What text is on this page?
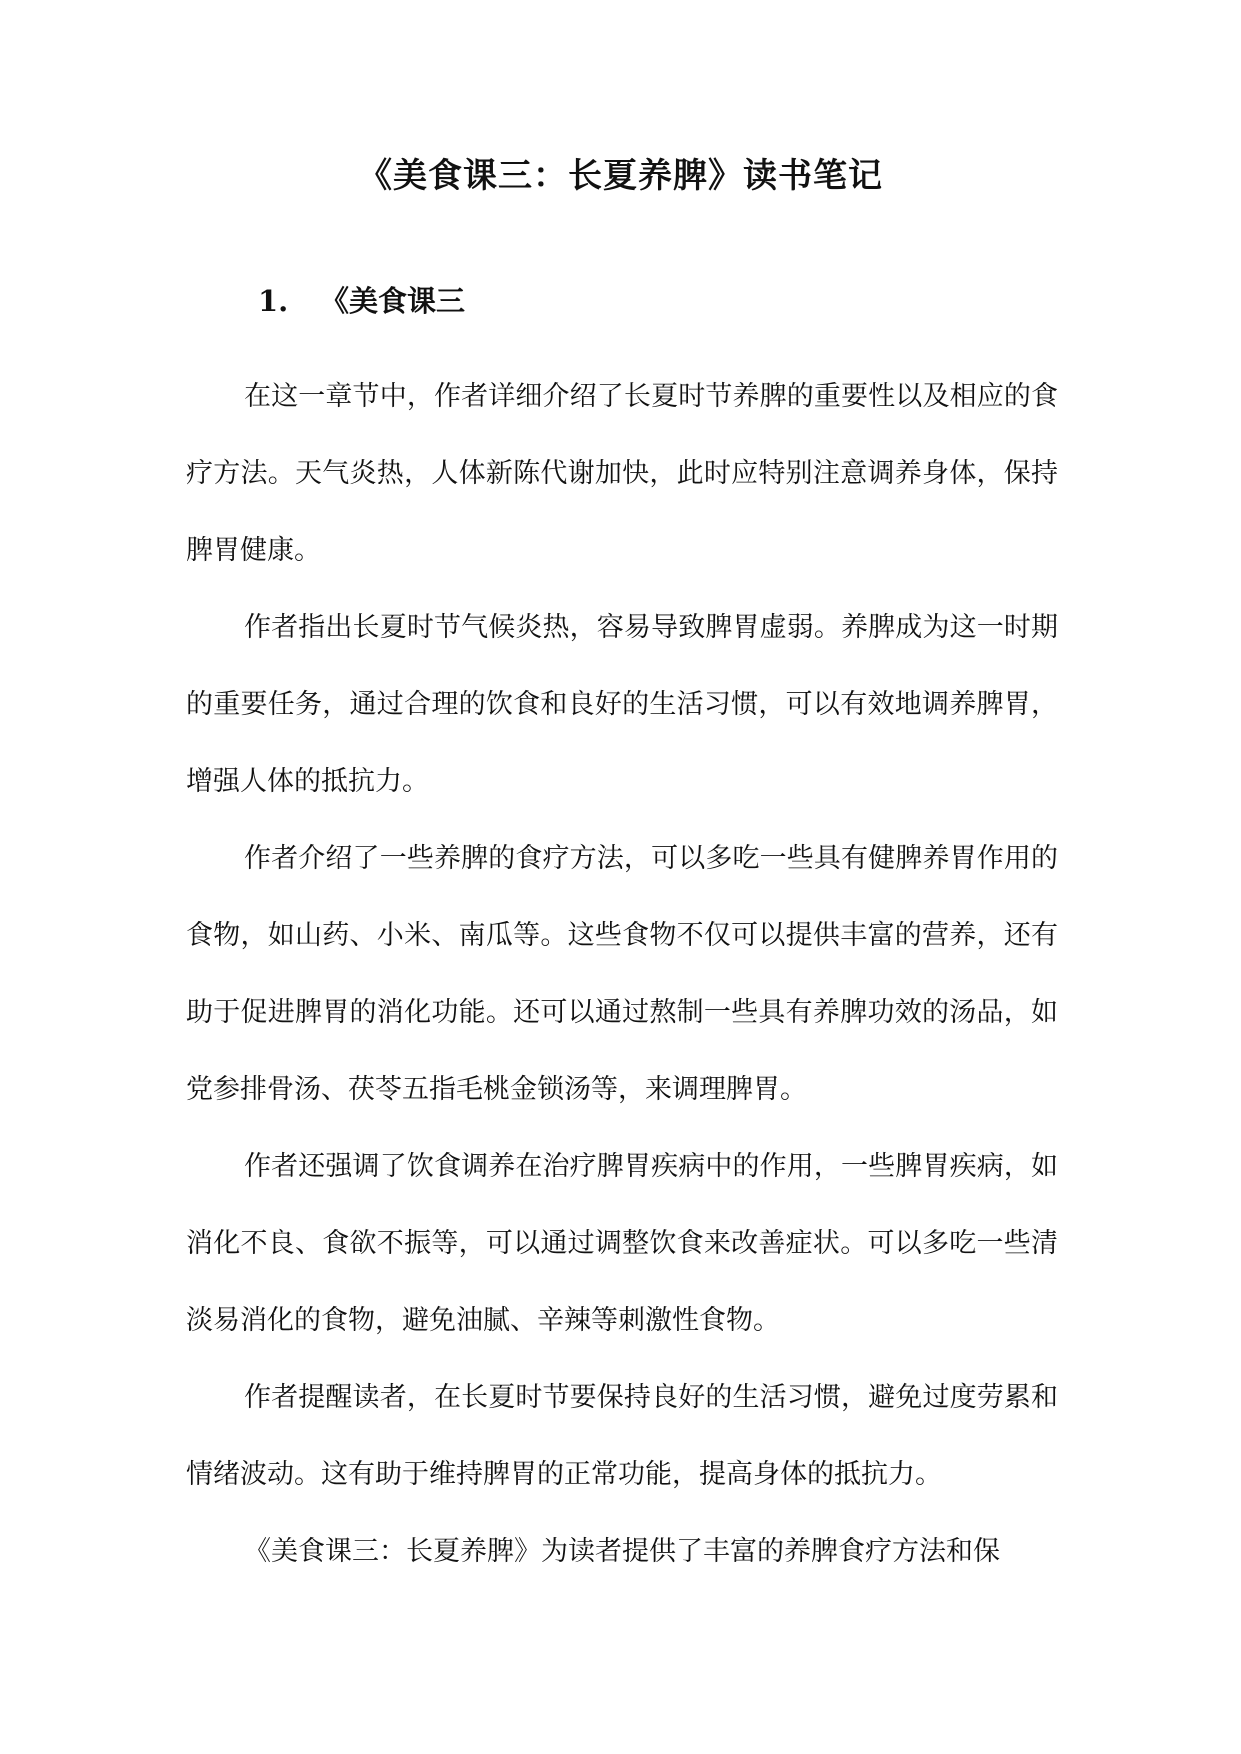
《美食课三：长夏养脾》读书笔记
1. 《美食课三

在这一章节中，作者详细介绍了长夏时节养脾的重要性以及相应的食疗方法。天气炎热，人体新陈代谢加快，此时应特别注意调养身体，保持脾胃健康。

作者指出长夏时节气候炎热，容易导致脾胃虚弱。养脾成为这一时期的重要任务，通过合理的饮食和良好的生活习惯，可以有效地调养脾胃，增强人体的抵抗力。

作者介绍了一些养脾的食疗方法，可以多吃一些具有健脾养胃作用的食物，如山药、小米、南瓜等。这些食物不仅可以提供丰富的营养，还有助于促进脾胃的消化功能。还可以通过熬制一些具有养脾功效的汤品，如党参排骨汤、茯苓五指毛桃金锁汤等，来调理脾胃。

作者还强调了饮食调养在治疗脾胃疾病中的作用，一些脾胃疾病，如消化不良、食欲不振等，可以通过调整饮食来改善症状。可以多吃一些清淡易消化的食物，避免油腻、辛辣等刺激性食物。

作者提醒读者，在长夏时节要保持良好的生活习惯，避免过度劳累和情绪波动。这有助于维持脾胃的正常功能，提高身体的抵抗力。

《美食课三：长夏养脾》为读者提供了丰富的养脾食疗方法和保
